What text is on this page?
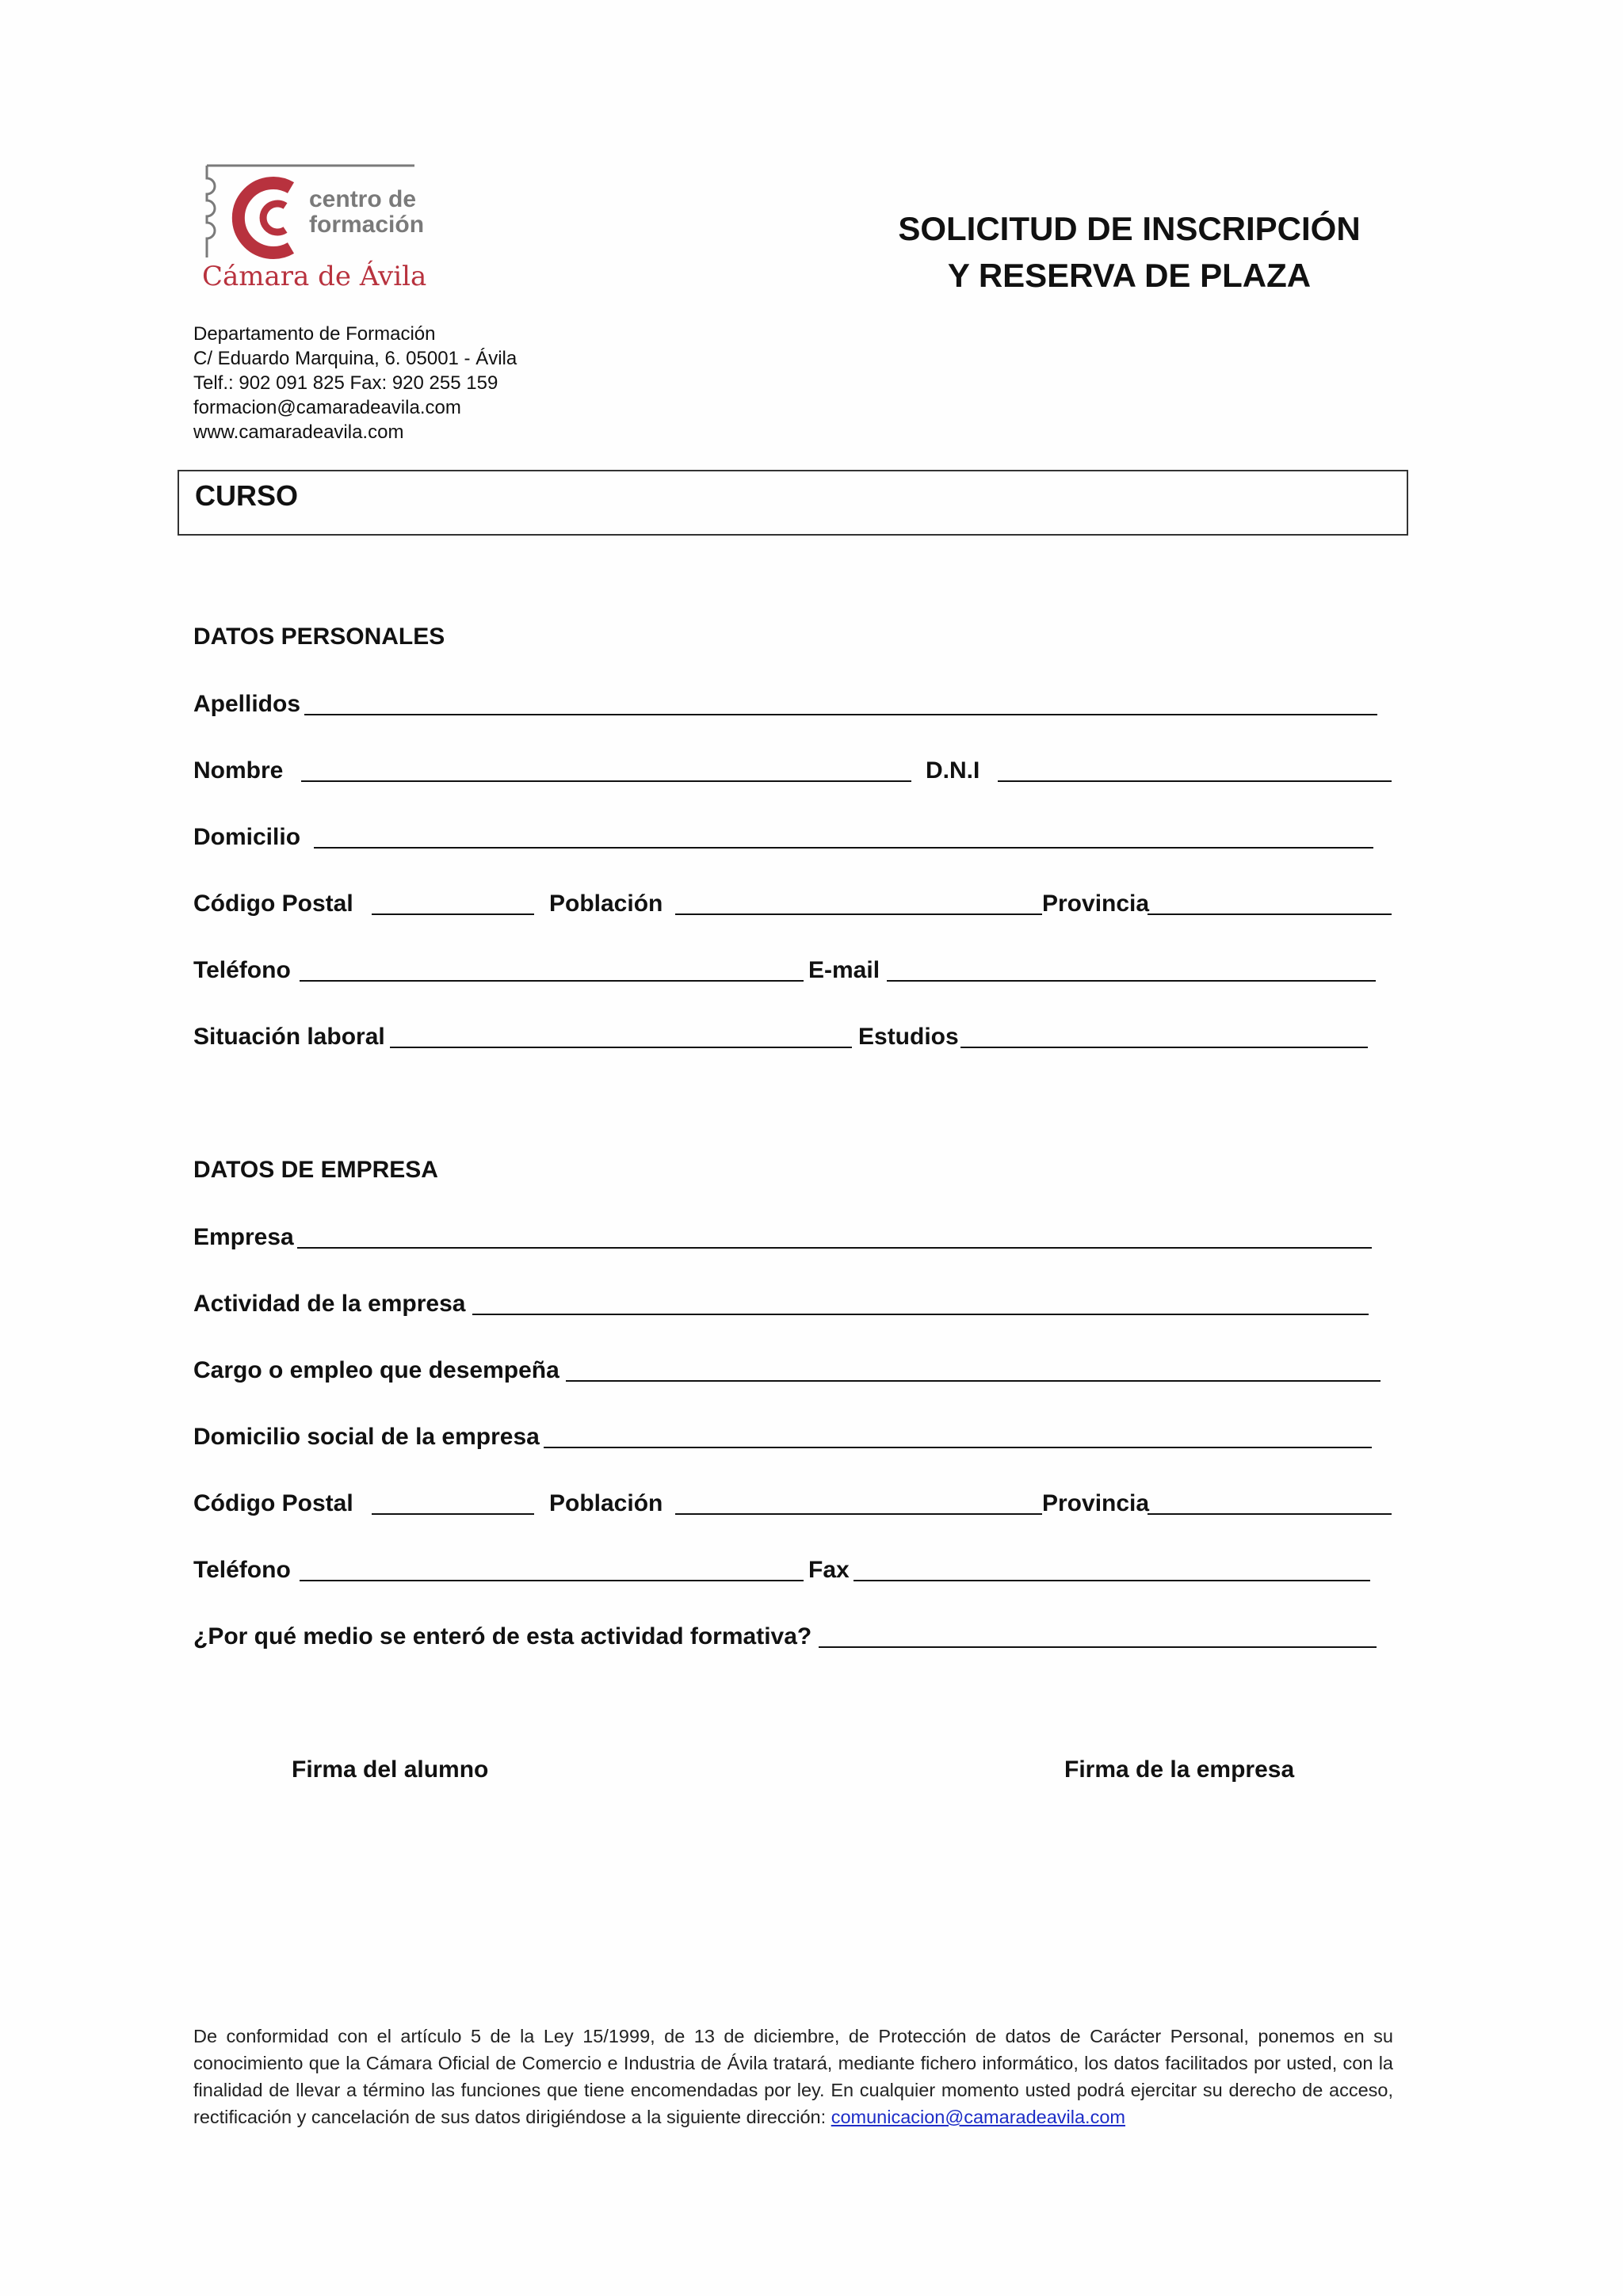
centro de
formación
Cámara de Ávila
SOLICITUD DE INSCRIPCIÓN
Y RESERVA DE PLAZA
Departamento de Formación
C/ Eduardo Marquina, 6. 05001 - Ávila
Telf.: 902 091 825 Fax: 920 255 159
formacion@camaradeavila.com
www.camaradeavila.com
CURSO
DATOS PERSONALES
Apellidos
Nombre	D.N.I
Domicilio
Código Postal	Población	Provincia
Teléfono	E-mail
Situación laboral	Estudios
DATOS DE EMPRESA
Empresa
Actividad de la empresa
Cargo o empleo que desempeña
Domicilio social de la empresa
Código Postal	Población	Provincia
Teléfono	Fax
¿Por qué medio se enteró de esta actividad formativa?
Firma del alumno	Firma de la empresa
De conformidad con el artículo 5 de la Ley 15/1999, de 13 de diciembre, de Protección de datos de Carácter Personal, ponemos en su conocimiento que la Cámara Oficial de Comercio e Industria de Ávila tratará, mediante fichero informático, los datos facilitados por usted, con la finalidad de llevar a término las funciones que tiene encomendadas por ley. En cualquier momento usted podrá ejercitar su derecho de acceso, rectificación y cancelación de sus datos dirigiéndose a la siguiente dirección: comunicacion@camaradeavila.com
